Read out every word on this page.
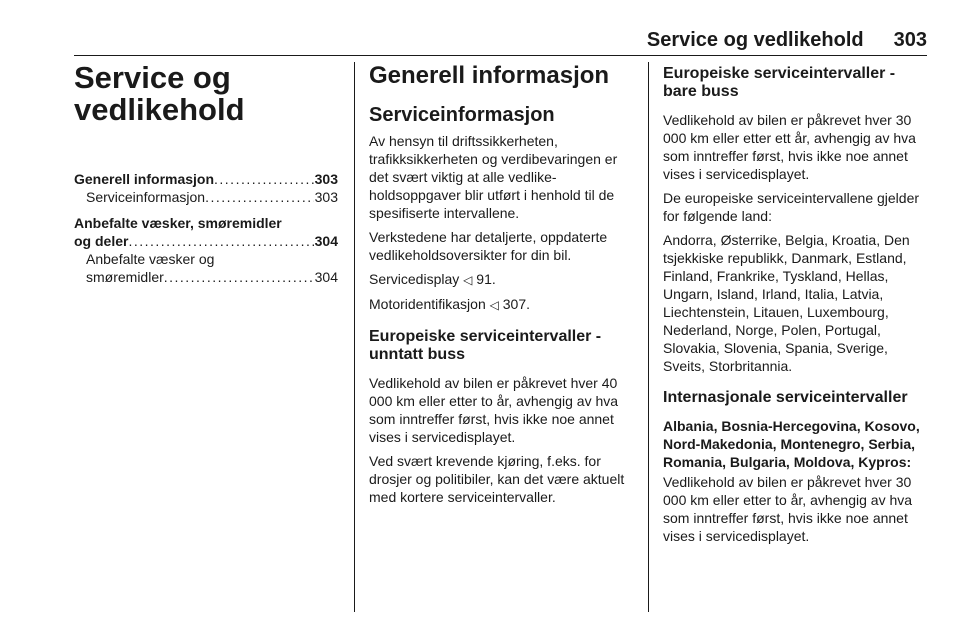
Service og vedlikehold 303
Service og
vedlikehold
Generell informasjon . . .	303
Serviceinformasjon . . .	303
Anbefalte væsker, smøremidler
og deler . . .	304
Anbefalte væsker og
smøremidler . . .	304
Generell informasjon
Serviceinformasjon

Av hensyn til driftssikkerheten, trafikksikkerheten og verdibevaringen er det svært viktig at alle vedlikeholdsoppgaver blir utført i henhold til de spesifiserte intervallene.

Verkstedene har detaljerte, oppdaterte vedlikeholdsoversikter for din bil.

Servicedisplay ◁ 91.

Motoridentifikasjon ◁ 307.

Europeiske serviceintervaller - unntatt buss

Vedlikehold av bilen er påkrevet hver 40 000 km eller etter to år, avhengig av hva som inntreffer først, hvis ikke noe annet vises i servicedisplayet.

Ved svært krevende kjøring, f.eks. for drosjer og politibiler, kan det være aktuelt med kortere serviceintervaller.

Europeiske serviceintervaller - bare buss

Vedlikehold av bilen er påkrevet hver 30 000 km eller etter ett år, avhengig av hva som inntreffer først, hvis ikke noe annet vises i servicedisplayet.

De europeiske serviceintervallene gjelder for følgende land:

Andorra, Østerrike, Belgia, Kroatia, Den tsjekkiske republikk, Danmark, Estland, Finland, Frankrike, Tyskland, Hellas, Ungarn, Island, Irland, Italia, Latvia, Liechtenstein, Litauen, Luxembourg, Nederland, Norge, Polen, Portugal, Slovakia, Slovenia, Spania, Sverige, Sveits, Storbritannia.

Internasjonale serviceintervaller
Albania, Bosnia-Hercegovina, Kosovo, Nord-Makedonia, Montenegro, Serbia, Romania, Bulgaria, Moldova, Kypros:

Vedlikehold av bilen er påkrevet hver 30 000 km eller etter to år, avhengig av hva som inntreffer først, hvis ikke noe annet vises i servicedisplayet.
